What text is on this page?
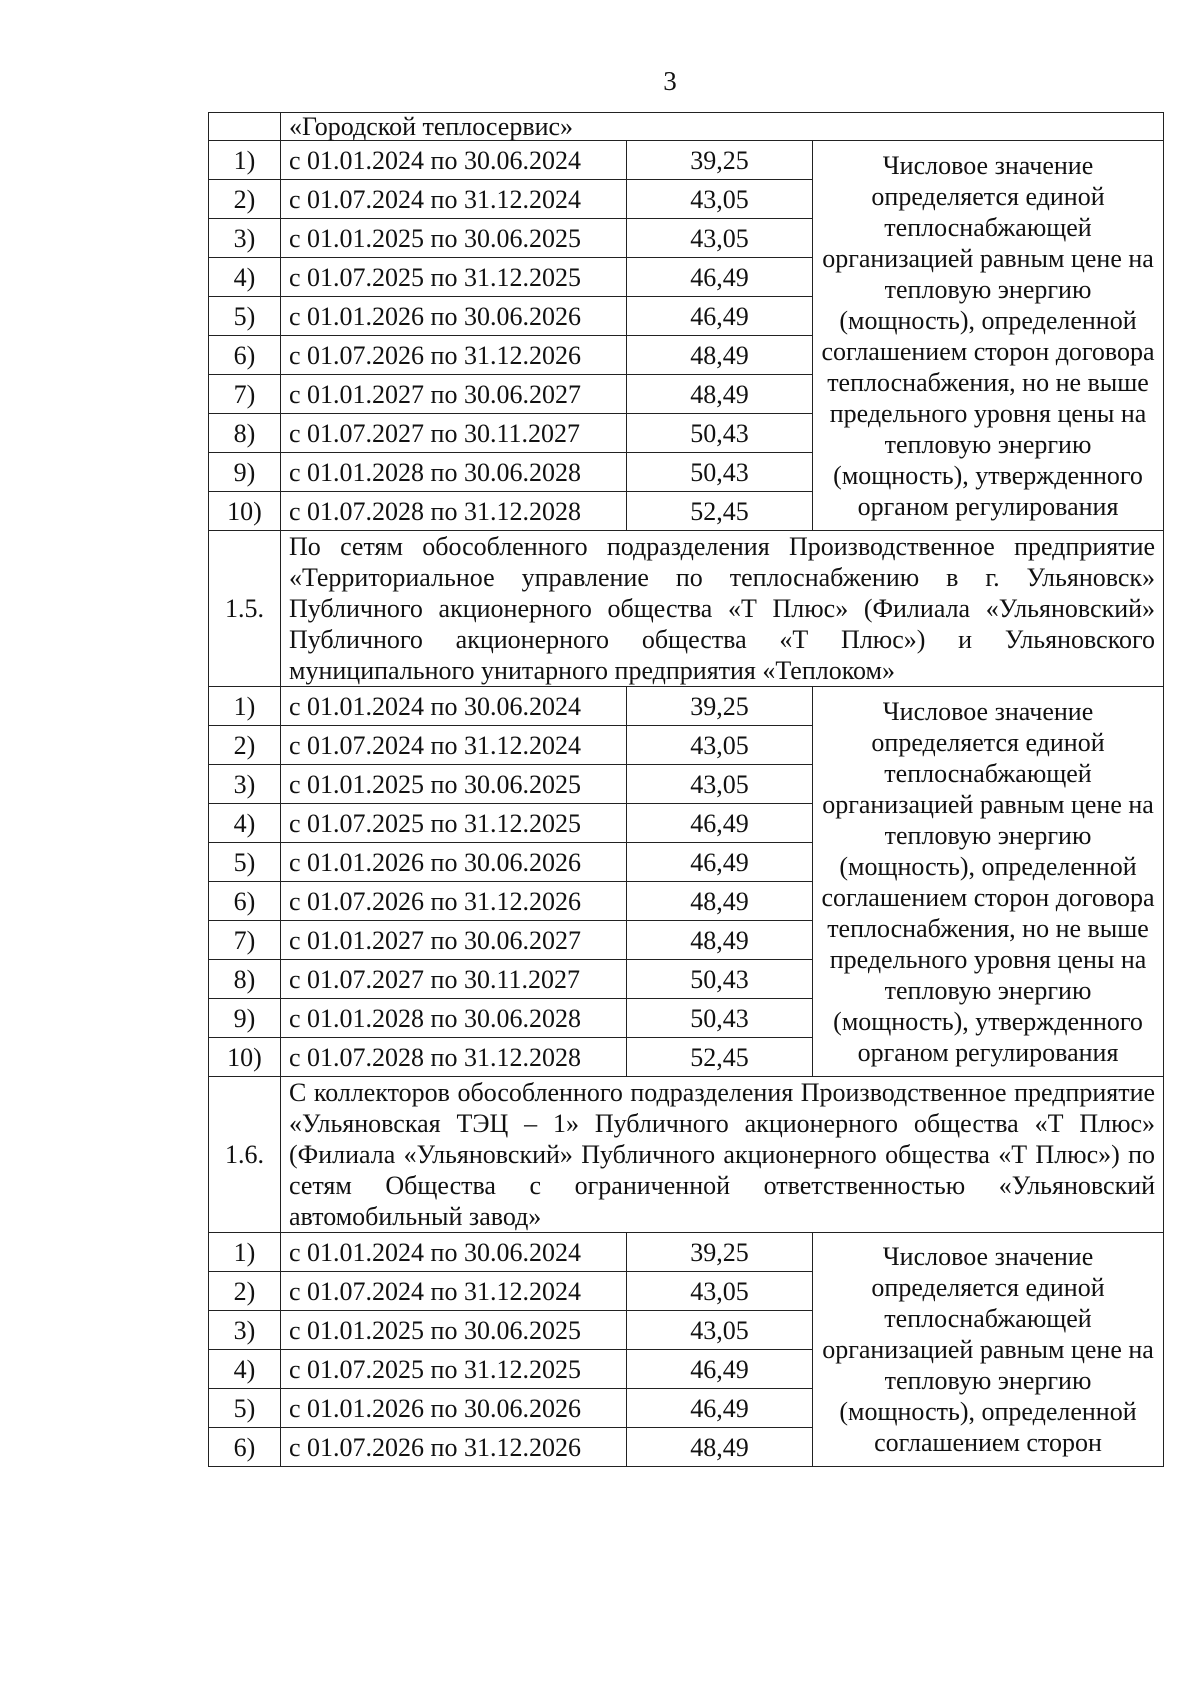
3
	«Городской теплосервис»		
1)	с 01.01.2024 по 30.06.2024	39,25	Числовое значение определяется единой теплоснабжающей организацией равным цене на тепловую энергию (мощность), определенной соглашением сторон договора теплоснабжения, но не выше предельного уровня цены на тепловую энергию (мощность), утвержденного органом регулирования
2)	с 01.07.2024 по 31.12.2024	43,05	
3)	с 01.01.2025 по 30.06.2025	43,05	
4)	с 01.07.2025 по 31.12.2025	46,49	
5)	с 01.01.2026 по 30.06.2026	46,49	
6)	с 01.07.2026 по 31.12.2026	48,49	
7)	с 01.01.2027 по 30.06.2027	48,49	
8)	с 01.07.2027 по 30.11.2027	50,43	
9)	с 01.01.2028 по 30.06.2028	50,43	
10)	с 01.07.2028 по 31.12.2028	52,45	
1.5.	По сетям обособленного подразделения Производственное предприятие «Территориальное управление по теплоснабжению в г. Ульяновск» Публичного акционерного общества «Т Плюс» (Филиала «Ульяновский» Публичного акционерного общества «Т Плюс») и Ульяновского муниципального унитарного предприятия «Теплоком»		
1)	с 01.01.2024 по 30.06.2024	39,25	Числовое значение определяется единой теплоснабжающей организацией равным цене на тепловую энергию (мощность), определенной соглашением сторон договора теплоснабжения, но не выше предельного уровня цены на тепловую энергию (мощность), утвержденного органом регулирования
2)	с 01.07.2024 по 31.12.2024	43,05	
3)	с 01.01.2025 по 30.06.2025	43,05	
4)	с 01.07.2025 по 31.12.2025	46,49	
5)	с 01.01.2026 по 30.06.2026	46,49	
6)	с 01.07.2026 по 31.12.2026	48,49	
7)	с 01.01.2027 по 30.06.2027	48,49	
8)	с 01.07.2027 по 30.11.2027	50,43	
9)	с 01.01.2028 по 30.06.2028	50,43	
10)	с 01.07.2028 по 31.12.2028	52,45	
1.6.	С коллекторов обособленного подразделения Производственное предприятие «Ульяновская ТЭЦ – 1» Публичного акционерного общества «Т Плюс» (Филиала «Ульяновский» Публичного акционерного общества «Т Плюс») по сетям Общества с ограниченной ответственностью «Ульяновский автомобильный завод»		
1)	с 01.01.2024 по 30.06.2024	39,25	Числовое значение определяется единой теплоснабжающей организацией равным цене на тепловую энергию (мощность), определенной соглашением сторон
2)	с 01.07.2024 по 31.12.2024	43,05	
3)	с 01.01.2025 по 30.06.2025	43,05	
4)	с 01.07.2025 по 31.12.2025	46,49	
5)	с 01.01.2026 по 30.06.2026	46,49	
6)	с 01.07.2026 по 31.12.2026	48,49	
